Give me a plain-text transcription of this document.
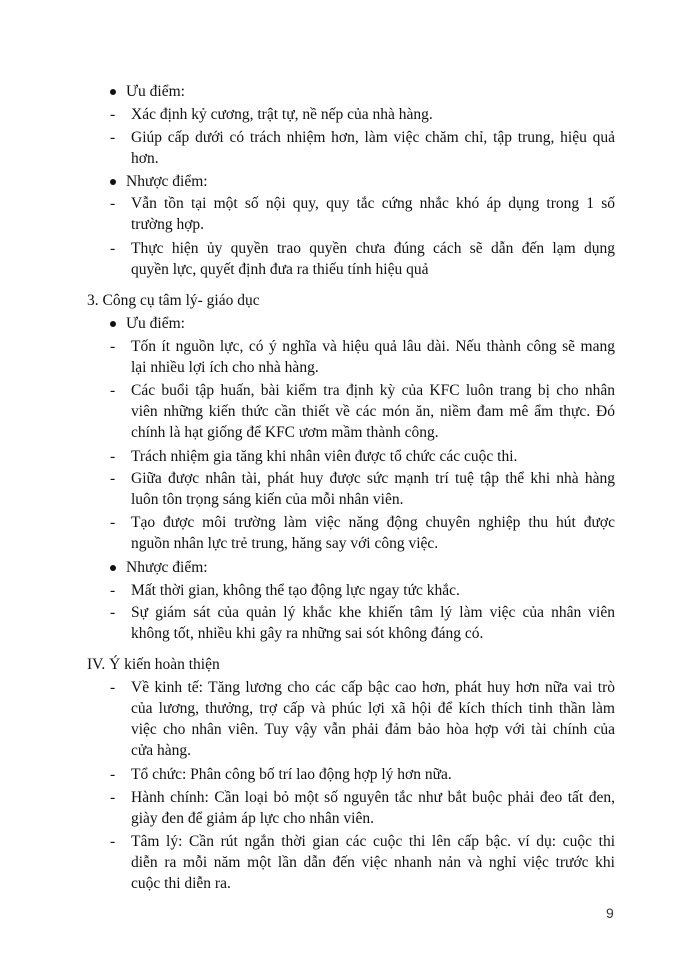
Ưu điểm:
- Xác định kỷ cương, trật tự, nề nếp của nhà hàng.
- Giúp cấp dưới có trách nhiệm hơn, làm việc chăm chỉ, tập trung, hiệu quả
hơn.
Nhược điểm:
- Vẫn tồn tại một số nội quy, quy tắc cứng nhắc khó áp dụng trong 1 số
trường hợp.
- Thực hiện ủy quyền trao quyền chưa đúng cách sẽ dẫn đến lạm dụng
quyền lực, quyết định đưa ra thiếu tính hiệu quả
3. Công cụ tâm lý- giáo dục
Ưu điểm:
- Tốn ít nguồn lực, có ý nghĩa và hiệu quả lâu dài. Nếu thành công sẽ mang
lại nhiều lợi ích cho nhà hàng.
- Các buổi tập huấn, bài kiểm tra định kỳ của KFC luôn trang bị cho nhân
viên những kiến thức cần thiết về các món ăn, niềm đam mê ẩm thực. Đó
chính là hạt giống để KFC ươm mầm thành công.
- Trách nhiệm gia tăng khi nhân viên được tổ chức các cuộc thi.
- Giữa được nhân tài, phát huy được sức mạnh trí tuệ tập thể khi nhà hàng
luôn tôn trọng sáng kiến của mỗi nhân viên.
- Tạo được môi trường làm việc năng động chuyên nghiệp thu hút được
nguồn nhân lực trẻ trung, hăng say với công việc.
Nhược điểm:
- Mất thời gian, không thể tạo động lực ngay tức khắc.
- Sự giám sát của quản lý khắc khe khiến tâm lý làm việc của nhân viên
không tốt, nhiều khi gây ra những sai sót không đáng có.
IV. Ý kiến hoàn thiện
- Về kinh tế: Tăng lương cho các cấp bậc cao hơn, phát huy hơn nữa vai trò
của lương, thưởng, trợ cấp và phúc lợi xã hội để kích thích tinh thần làm
việc cho nhân viên. Tuy vậy vẫn phải đảm bảo hòa hợp với tài chính của
cửa hàng.
- Tổ chức: Phân công bố trí lao động hợp lý hơn nữa.
- Hành chính: Cần loại bỏ một số nguyên tắc như bắt buộc phải đeo tất đen,
giày đen để giảm áp lực cho nhân viên.
- Tâm lý: Cần rút ngắn thời gian các cuộc thi lên cấp bậc. ví dụ: cuộc thi
diễn ra mỗi năm một lần dẫn đến việc nhanh nản và nghỉ việc trước khi
cuộc thi diễn ra.
9
